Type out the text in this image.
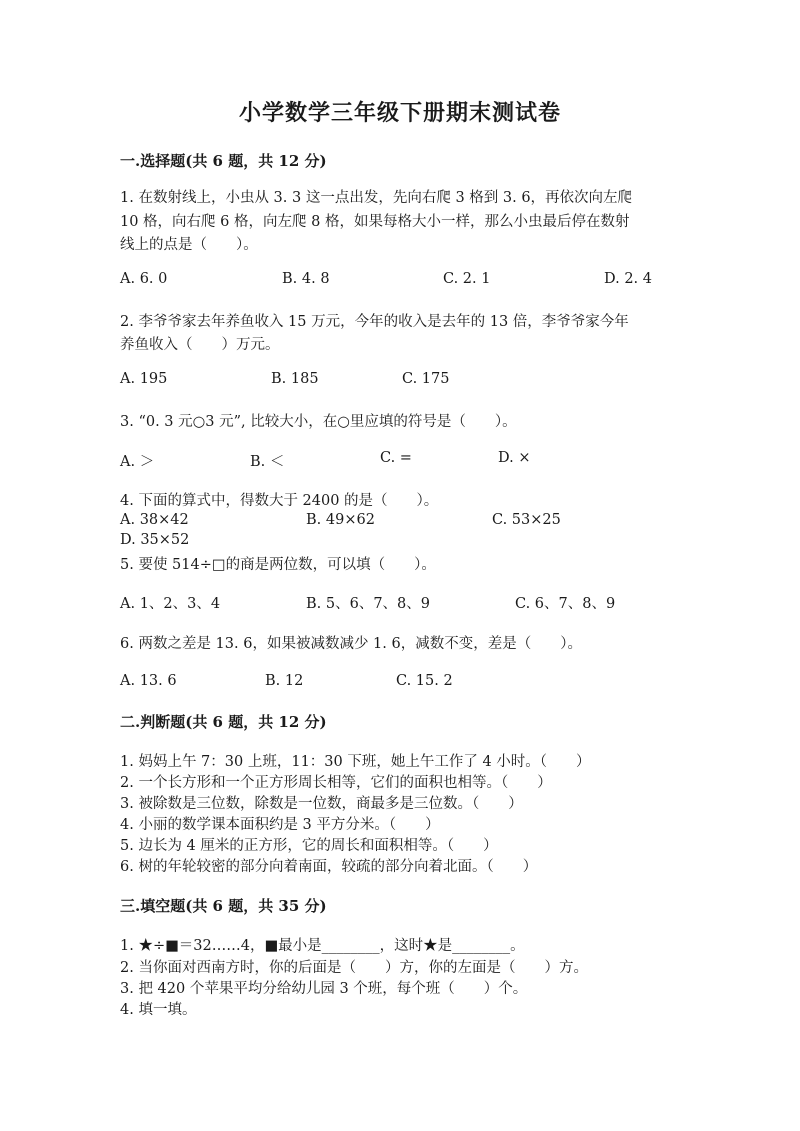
小学数学三年级下册期末测试卷
一.选择题(共 6 题，共 12 分)
1. 在数射线上，小虫从 3. 3 这一点出发，先向右爬 3 格到 3. 6，再依次向左爬
10 格，向右爬 6 格，向左爬 8 格，如果每格大小一样，那么小虫最后停在数射
线上的点是（　　）。
A. 6. 0	B. 4. 8	C. 2. 1	D. 2. 4
2. 李爷爷家去年养鱼收入 15 万元，今年的收入是去年的 13 倍，李爷爷家今年
养鱼收入（　　）万元。
A. 195	B. 185	C. 175
3. “0. 3 元○3 元”, 比较大小，在○里应填的符号是（　　）。
A. ＞	B. ＜	C. =	D. ×
4. 下面的算式中，得数大于 2400 的是（　　）。
A. 38×42	B. 49×62	C. 53×25
D. 35×52
5. 要使 514÷□的商是两位数，可以填（　　）。
A. 1、2、3、4	B. 5、6、7、8、9	C. 6、7、8、9
6. 两数之差是 13. 6，如果被减数减少 1. 6，减数不变，差是（　　）。
A. 13. 6	B. 12	C. 15. 2
二.判断题(共 6 题，共 12 分)
1. 妈妈上午 7：30 上班，11：30 下班，她上午工作了 4 小时。（　　）
2. 一个长方形和一个正方形周长相等，它们的面积也相等。（　　）
3. 被除数是三位数，除数是一位数，商最多是三位数。（　　）
4. 小丽的数学课本面积约是 3 平方分米。（　　）
5. 边长为 4 厘米的正方形，它的周长和面积相等。（　　）
6. 树的年轮较密的部分向着南面，较疏的部分向着北面。（　　）
三.填空题(共 6 题，共 35 分)
1. ★÷■＝32……4，■最小是________，这时★是________。
2. 当你面对西南方时，你的后面是（　　）方，你的左面是（　　）方。
3. 把 420 个苹果平均分给幼儿园 3 个班，每个班（　　）个。
4. 填一填。
